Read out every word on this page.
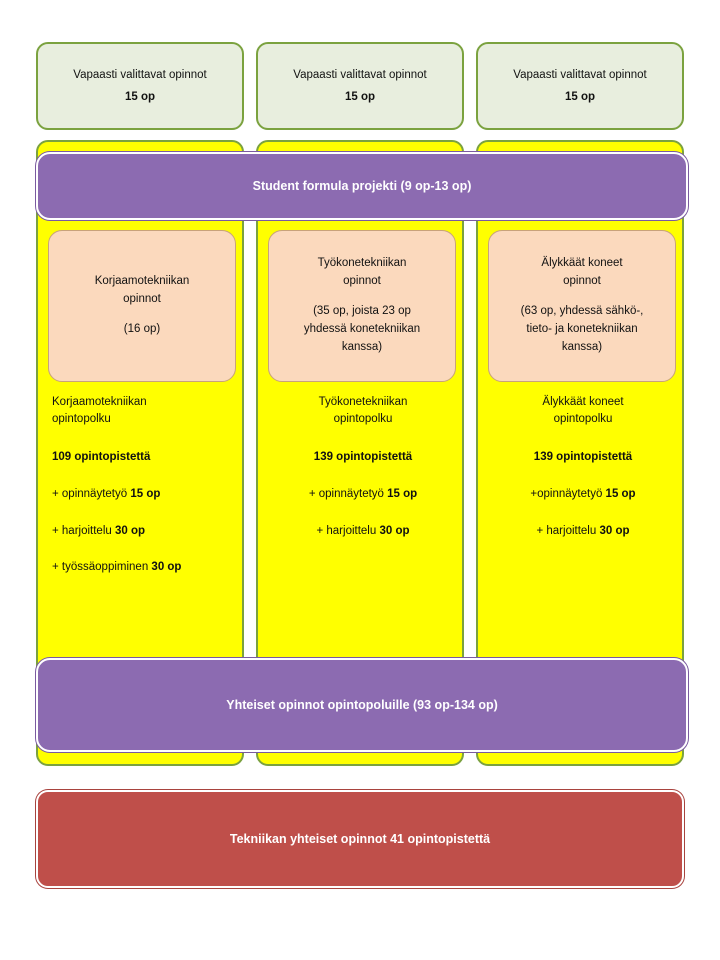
Vapaasti valittavat opinnot
15 op
Vapaasti valittavat opinnot
15 op
Vapaasti valittavat opinnot
15 op
Korjaamotekniikan
opinnot
(16 op)
Korjaamotekniikan
opintopolku
109 opintopistettä
+ opinnäytetyö 15 op
+ harjoittelu 30 op
+ työssäoppiminen 30 op
Työkonetekniikan
opinnot
(35 op, joista 23 op
yhdessä konetekniikan
kanssa)
Työkonetekniikan
opintopolku
139 opintopistettä
+ opinnäytetyö 15 op
+ harjoittelu 30 op
Älykkäät koneet
opinnot
(63 op, yhdessä sähkö-,
tieto- ja konetekniikan
kanssa)
Älykkäät koneet
opintopolku
139 opintopistettä
+opinnäytetyö 15 op
+ harjoittelu 30 op
Student formula projekti (9 op-13 op)
Yhteiset opinnot opintopoluille (93 op-134 op)
Tekniikan yhteiset opinnot 41 opintopistettä
